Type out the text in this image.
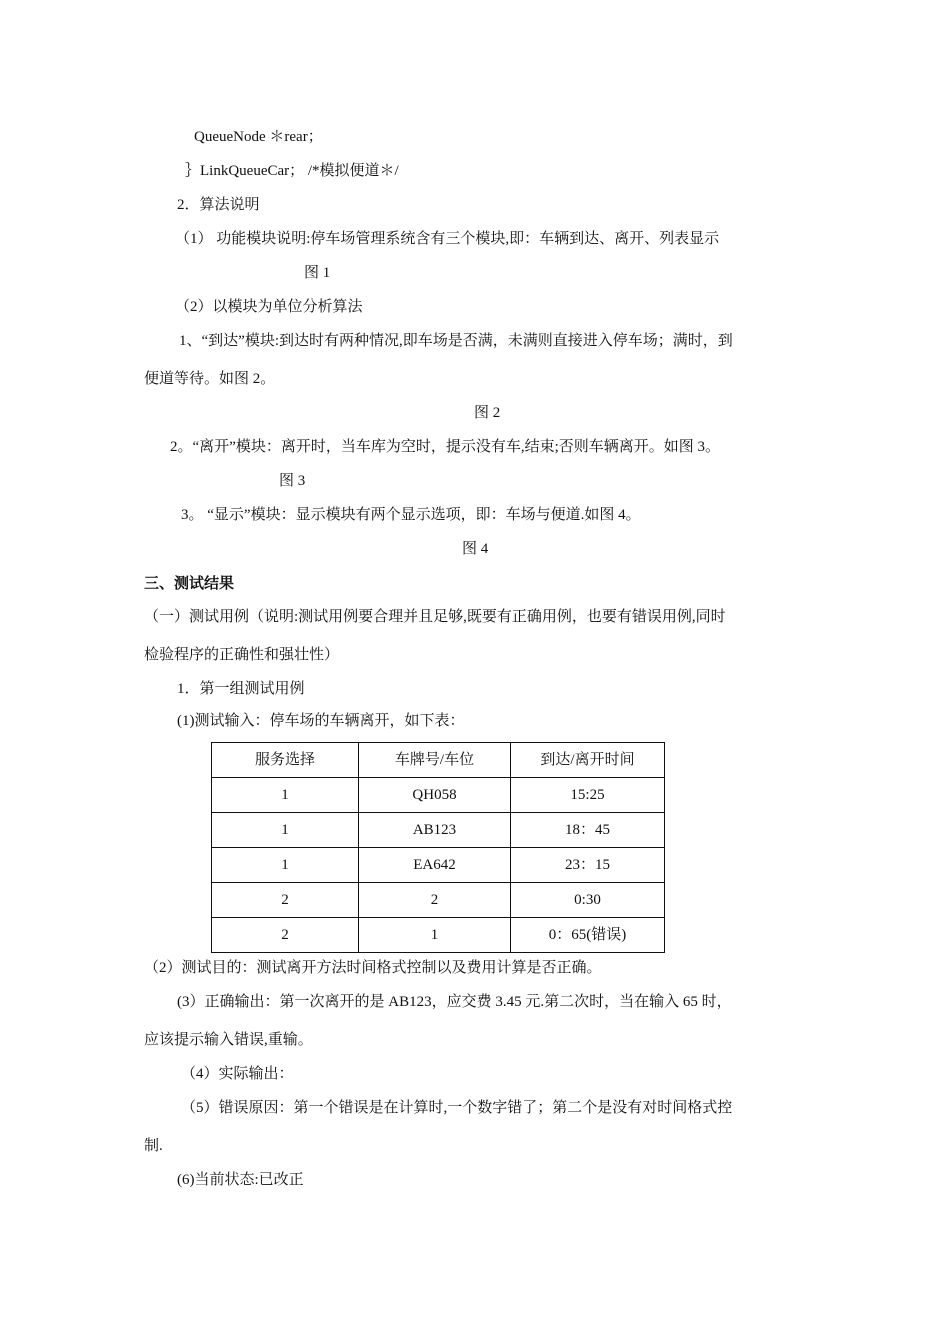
QueueNode ＊rear；
｝LinkQueueCar； /*模拟便道＊/
2．算法说明
（1） 功能模块说明:停车场管理系统含有三个模块,即：车辆到达、离开、列表显示
图 1
（2）以模块为单位分析算法
1、“到达”模块:到达时有两种情况,即车场是否满，未满则直接进入停车场；满时，到
便道等待。如图 2。
图 2
2。“离开”模块：离开时，当车库为空时，提示没有车,结束;否则车辆离开。如图 3。
图 3
3。 “显示”模块：显示模块有两个显示选项，即：车场与便道.如图 4。
图 4
三、测试结果
（一）测试用例（说明:测试用例要合理并且足够,既要有正确用例，也要有错误用例,同时
检验程序的正确性和强壮性）
1．第一组测试用例
(1)测试输入：停车场的车辆离开，如下表：
服务选择	车牌号/车位	到达/离开时间
1	QH058	15:25
1	AB123	18：45
1	EA642	23：15
2	2	0:30
2	1	0：65(错误)
（2）测试目的：测试离开方法时间格式控制以及费用计算是否正确。
(3）正确输出：第一次离开的是 AB123，应交费 3.45 元.第二次时，当在输入 65 时，
应该提示输入错误,重输。
（4）实际输出：
（5）错误原因：第一个错误是在计算时,一个数字错了；第二个是没有对时间格式控
制.
(6)当前状态:已改正
